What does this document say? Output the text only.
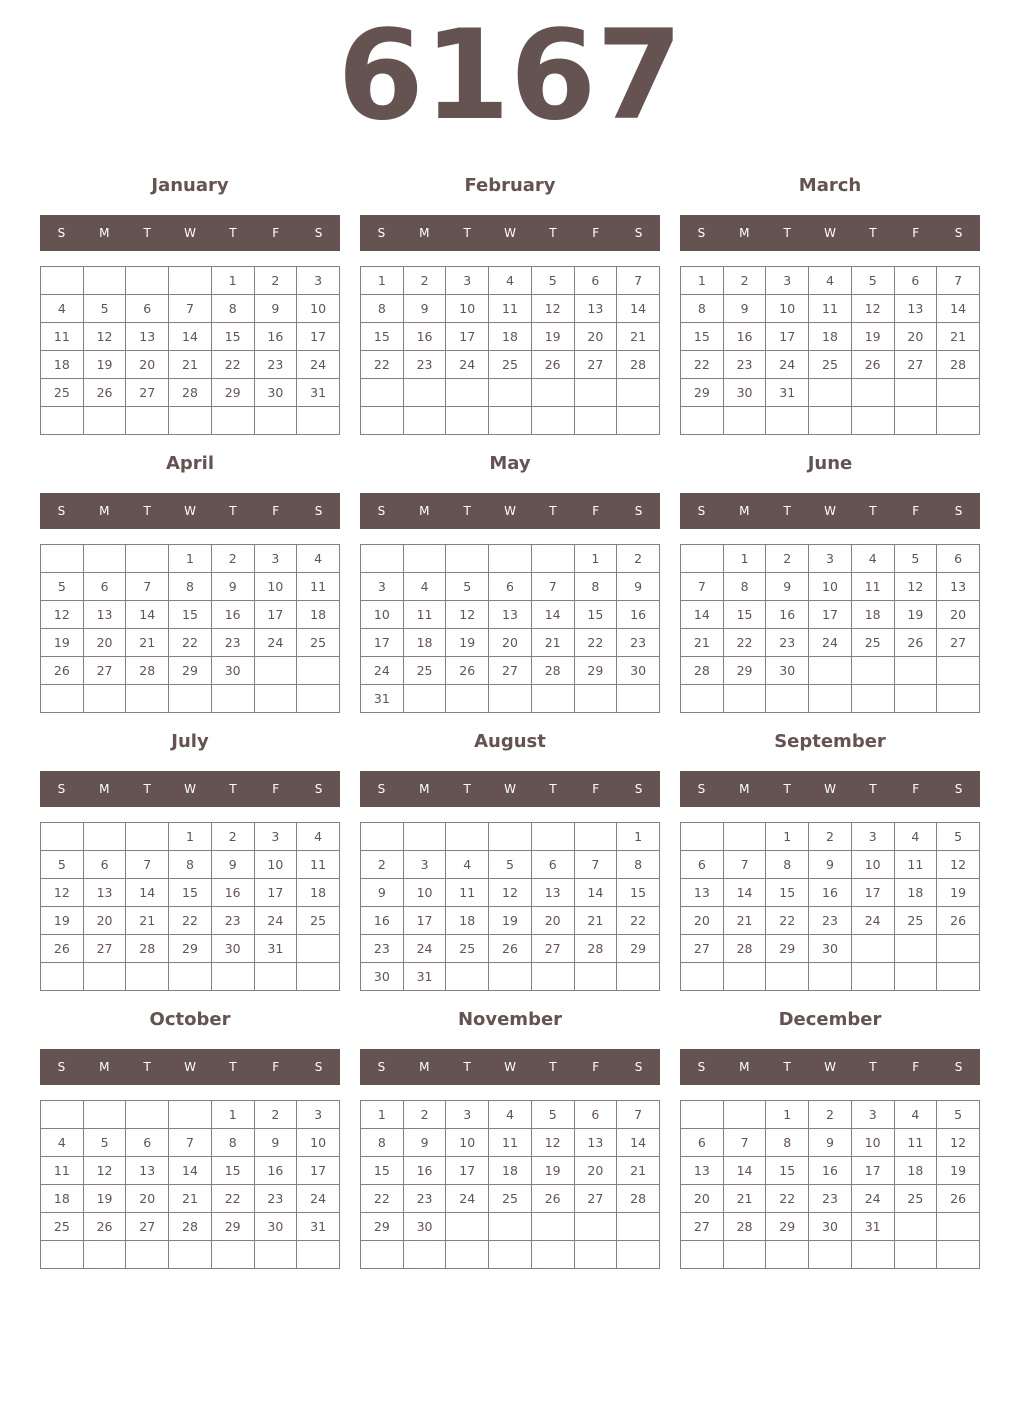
6167
January
S	M	T	W	T	F	S
				1	2	3
4	5	6	7	8	9	10
11	12	13	14	15	16	17
18	19	20	21	22	23	24
25	26	27	28	29	30	31

February
S	M	T	W	T	F	S
1	2	3	4	5	6	7
8	9	10	11	12	13	14
15	16	17	18	19	20	21
22	23	24	25	26	27	28

March
S	M	T	W	T	F	S
1	2	3	4	5	6	7
8	9	10	11	12	13	14
15	16	17	18	19	20	21
22	23	24	25	26	27	28
29	30	31				

April
S	M	T	W	T	F	S
			1	2	3	4
5	6	7	8	9	10	11
12	13	14	15	16	17	18
19	20	21	22	23	24	25
26	27	28	29	30		

May
S	M	T	W	T	F	S
					1	2
3	4	5	6	7	8	9
10	11	12	13	14	15	16
17	18	19	20	21	22	23
24	25	26	27	28	29	30
31						
June
S	M	T	W	T	F	S
	1	2	3	4	5	6
7	8	9	10	11	12	13
14	15	16	17	18	19	20
21	22	23	24	25	26	27
28	29	30				

July
S	M	T	W	T	F	S
			1	2	3	4
5	6	7	8	9	10	11
12	13	14	15	16	17	18
19	20	21	22	23	24	25
26	27	28	29	30	31	

August
S	M	T	W	T	F	S
						1
2	3	4	5	6	7	8
9	10	11	12	13	14	15
16	17	18	19	20	21	22
23	24	25	26	27	28	29
30	31					
September
S	M	T	W	T	F	S
		1	2	3	4	5
6	7	8	9	10	11	12
13	14	15	16	17	18	19
20	21	22	23	24	25	26
27	28	29	30			

October
S	M	T	W	T	F	S
				1	2	3
4	5	6	7	8	9	10
11	12	13	14	15	16	17
18	19	20	21	22	23	24
25	26	27	28	29	30	31

November
S	M	T	W	T	F	S
1	2	3	4	5	6	7
8	9	10	11	12	13	14
15	16	17	18	19	20	21
22	23	24	25	26	27	28
29	30					

December
S	M	T	W	T	F	S
		1	2	3	4	5
6	7	8	9	10	11	12
13	14	15	16	17	18	19
20	21	22	23	24	25	26
27	28	29	30	31		
